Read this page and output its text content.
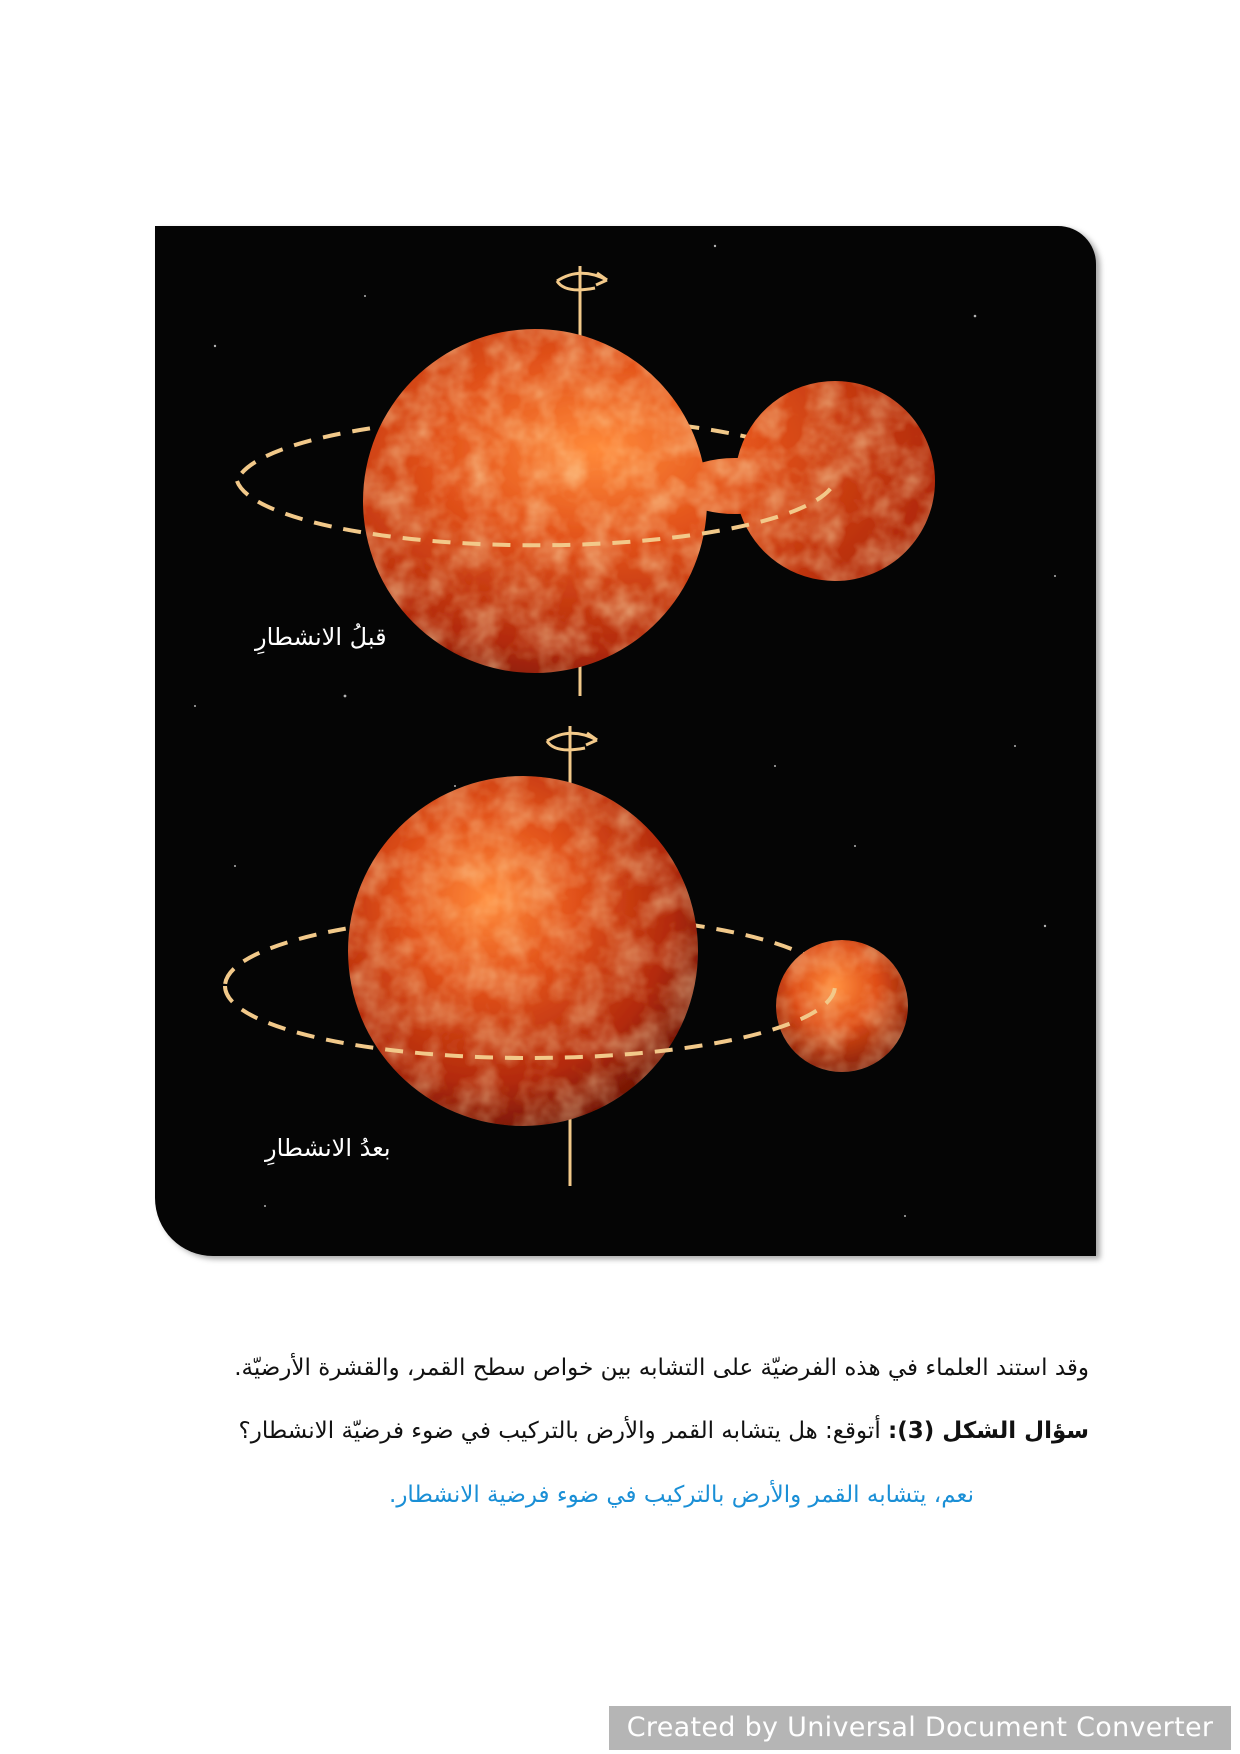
قبلُ الانشطارِ
بعدُ الانشطارِ
وقد استند العلماء في هذه الفرضيّة على التشابه بين خواص سطح القمر، والقشرة الأرضيّة.
سؤال الشكل (3): أتوقع: هل يتشابه القمر والأرض بالتركيب في ضوء فرضيّة الانشطار؟
نعم، يتشابه القمر والأرض بالتركيب في ضوء فرضية الانشطار.
Created by Universal Document Converter
